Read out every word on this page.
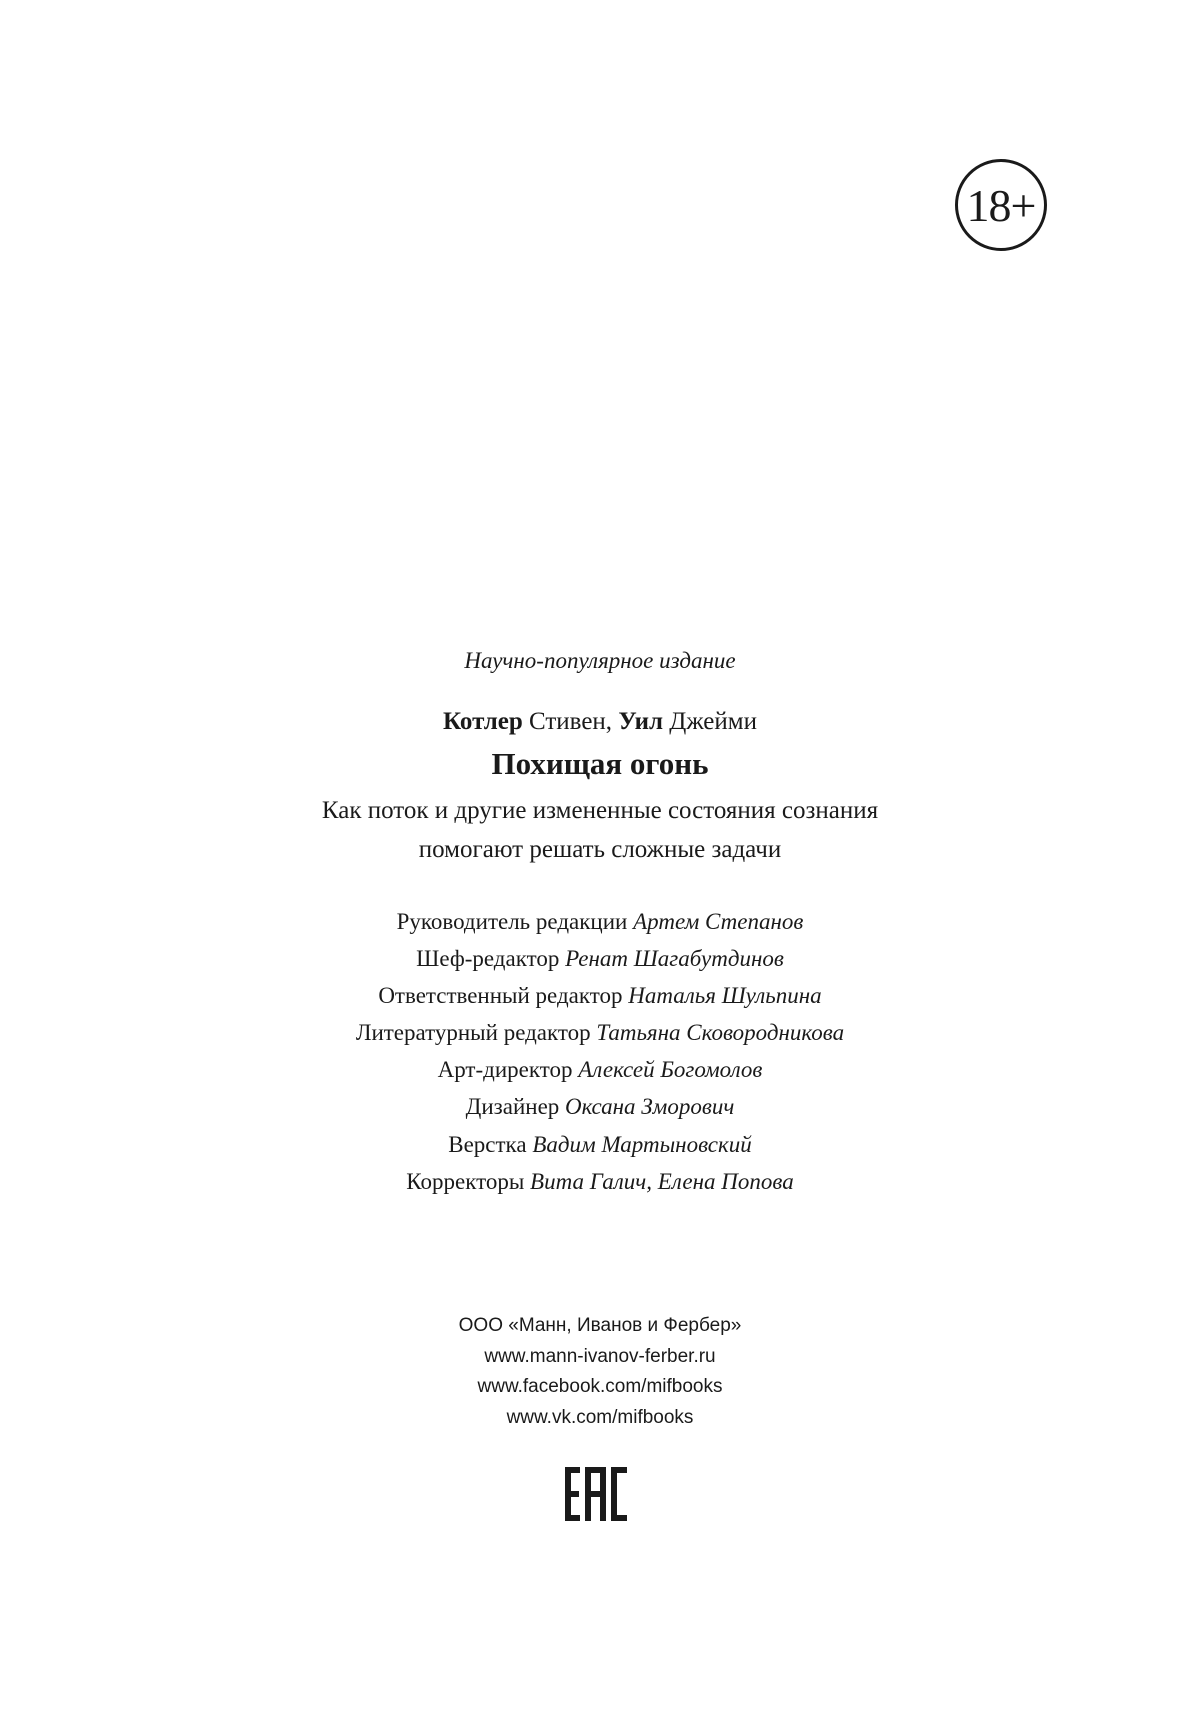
18+
Научно-популярное издание
Котлер Стивен, Уил Джейми
Похищая огонь
Как поток и другие измененные состояния сознания
помогают решать сложные задачи
Руководитель редакции Артем Степанов
Шеф-редактор Ренат Шагабутдинов
Ответственный редактор Наталья Шульпина
Литературный редактор Татьяна Сковородникова
Арт-директор Алексей Богомолов
Дизайнер Оксана Зморович
Верстка Вадим Мартыновский
Корректоры Вита Галич, Елена Попова
ООО «Манн, Иванов и Фербер»
www.mann-ivanov-ferber.ru
www.facebook.com/mifbooks
www.vk.com/mifbooks
